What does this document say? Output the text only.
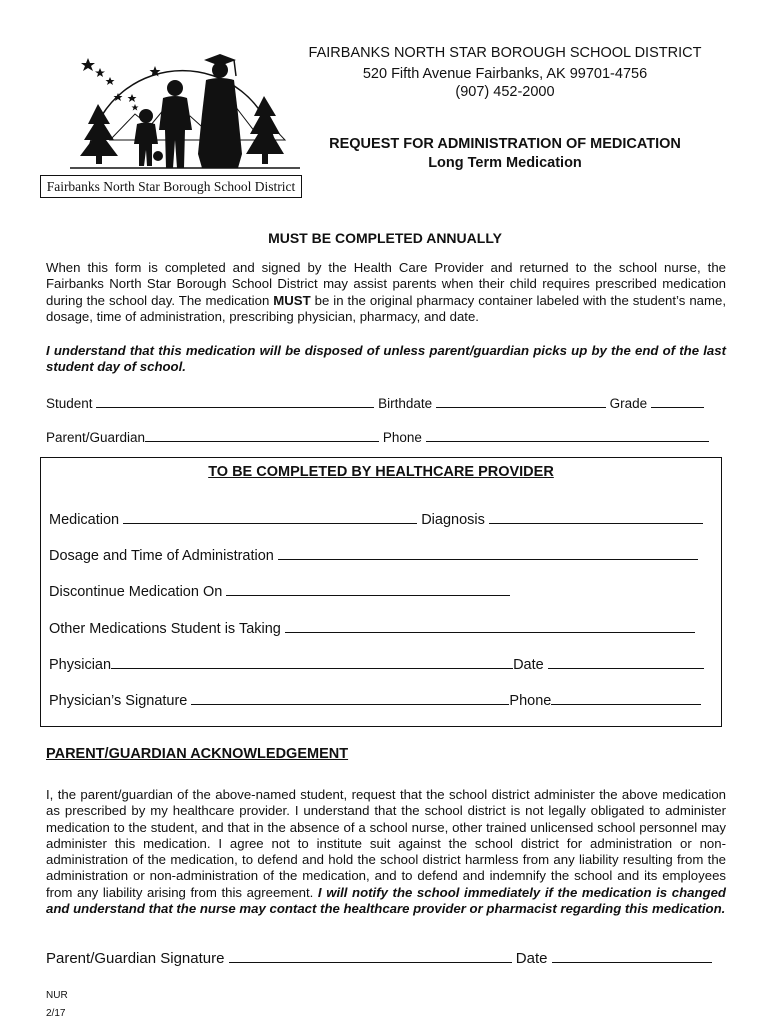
Fairbanks North Star Borough School District
FAIRBANKS NORTH STAR BOROUGH SCHOOL DISTRICT
520 Fifth Avenue Fairbanks, AK 99701-4756
(907) 452-2000
REQUEST FOR ADMINISTRATION OF MEDICATION
Long Term Medication
MUST BE COMPLETED ANNUALLY
When this form is completed and signed by the Health Care Provider and returned to the school nurse, the Fairbanks North Star Borough School District may assist parents when their child requires prescribed medication during the school day. The medication MUST be in the original pharmacy container labeled with the student’s name, dosage, time of administration, prescribing physician, pharmacy, and date.
I understand that this medication will be disposed of unless parent/guardian picks up by the end of the last student day of school.
Student	Birthdate	Grade
Parent/Guardian	Phone
TO BE COMPLETED BY HEALTHCARE PROVIDER
Medication	Diagnosis
Dosage and Time of Administration
Discontinue Medication On
Other Medications Student is Taking
Physician	Date
Physician’s Signature	Phone
PARENT/GUARDIAN ACKNOWLEDGEMENT
I, the parent/guardian of the above-named student, request that the school district administer the above medication as prescribed by my healthcare provider. I understand that the school district is not legally obligated to administer medication to the student, and that in the absence of a school nurse, other trained unlicensed school personnel may administer this medication. I agree not to institute suit against the school district for administration or non-administration of the medication, to defend and hold the school district harmless from any liability resulting from the administration or non-administration of the medication, and to defend and indemnify the school and its employees from any liability arising from this agreement. I will notify the school immediately if the medication is changed and understand that the nurse may contact the healthcare provider or pharmacist regarding this medication.
Parent/Guardian Signature	Date
NUR
2/17
